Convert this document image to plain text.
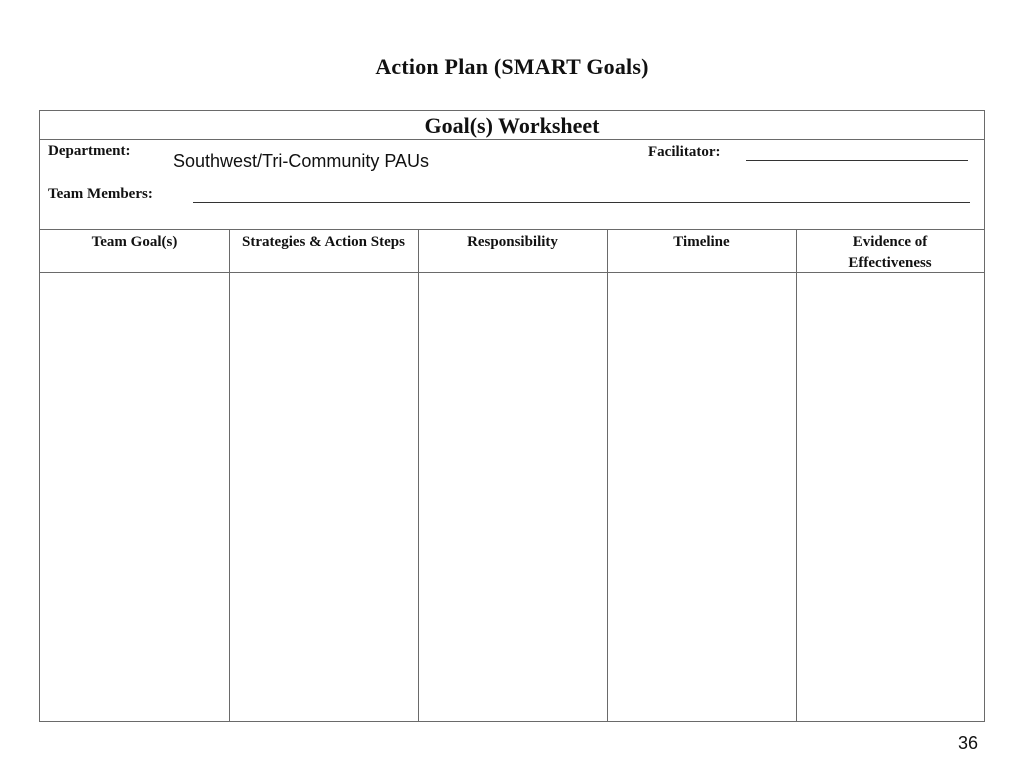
Action Plan (SMART Goals)
Goal(s) Worksheet
Department: Southwest/Tri-Community PAUs	Facilitator:
Team Members:
Team Goal(s)	Strategies & Action Steps	Responsibility	Timeline	Evidence of Effectiveness
36
